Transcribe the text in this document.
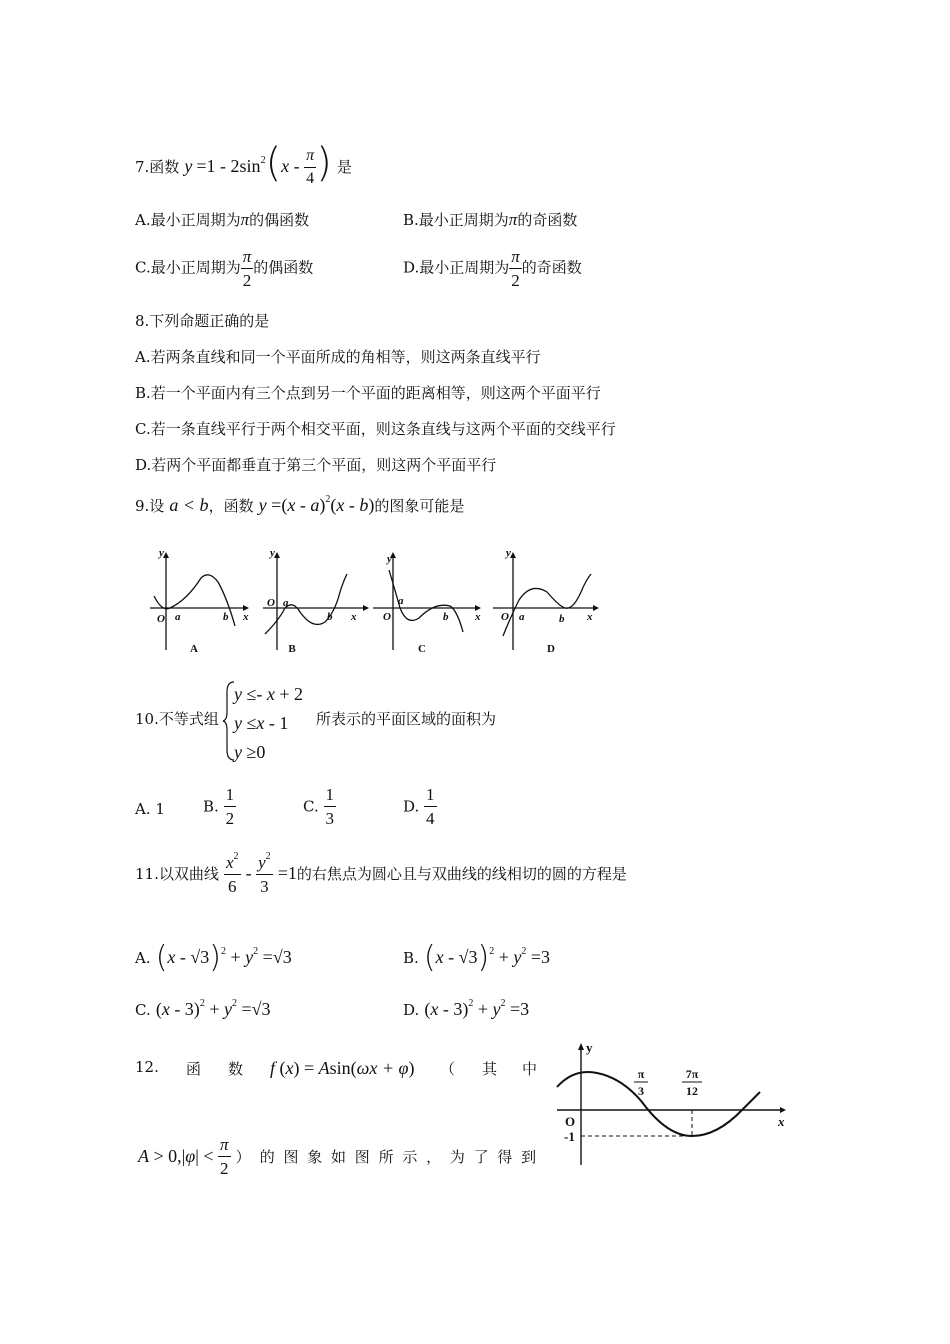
7.函数 $y =1 - 2\sin^2(x - \frac{\pi}{4}$ ) 是
A.最小正周期为π的偶函数	B.最小正周期为π的奇函数
C.最小正周期为 $\frac{\pi}{2}$ 的偶函数	D.最小正周期为 $\frac{\pi}{2}$ 的奇函数
8.下列命题正确的是
A.若两条直线和同一个平面所成的角相等，则这两条直线平行
B.若一个平面内有三个点到另一个平面的距离相等，则这两个平面平行
C.若一条直线平行于两个相交平面，则这条直线与这两个平面的交线平行
D.若两个平面都垂直于第三个平面，则这两个平面平行
9.设 a < b，函数 y =(x - a)$^2$(x - b)的图象可能是
y
O a	b x
y
O a
b x
y
O
a
b x
y
O a	b x
A	B	C	D
10.不等式组
y ≤- x + 2
y ≤x - 1
y ≥0
所表示的平面区域的面积为
A. 1	B. $\frac{1}{2}$	C. $\frac{1}{3}$	D. $\frac{1}{4}$
11.以双曲线 $\frac{x^2}{6} - \frac{y^2}{3} =1$的右焦点为圆心且与双曲线的线相切的圆的方程是
A. $(x - √3)^2 + y^2 =√3$	B. $(x - √3)^2 + y^2 =3$
C. $(x - 3)^2 + y^2 =√3$	D. $(x - 3)^2 + y^2 =3$
12. 函 数 f (x) = Asin(ωx + φ) （ 其 中
$A > 0,|\varphi| < \frac{\pi}{2}$ ） 的 图 象 如 图 所 示 ， 为 了 得 到
y
x
O
-1
π
3
7π
12
